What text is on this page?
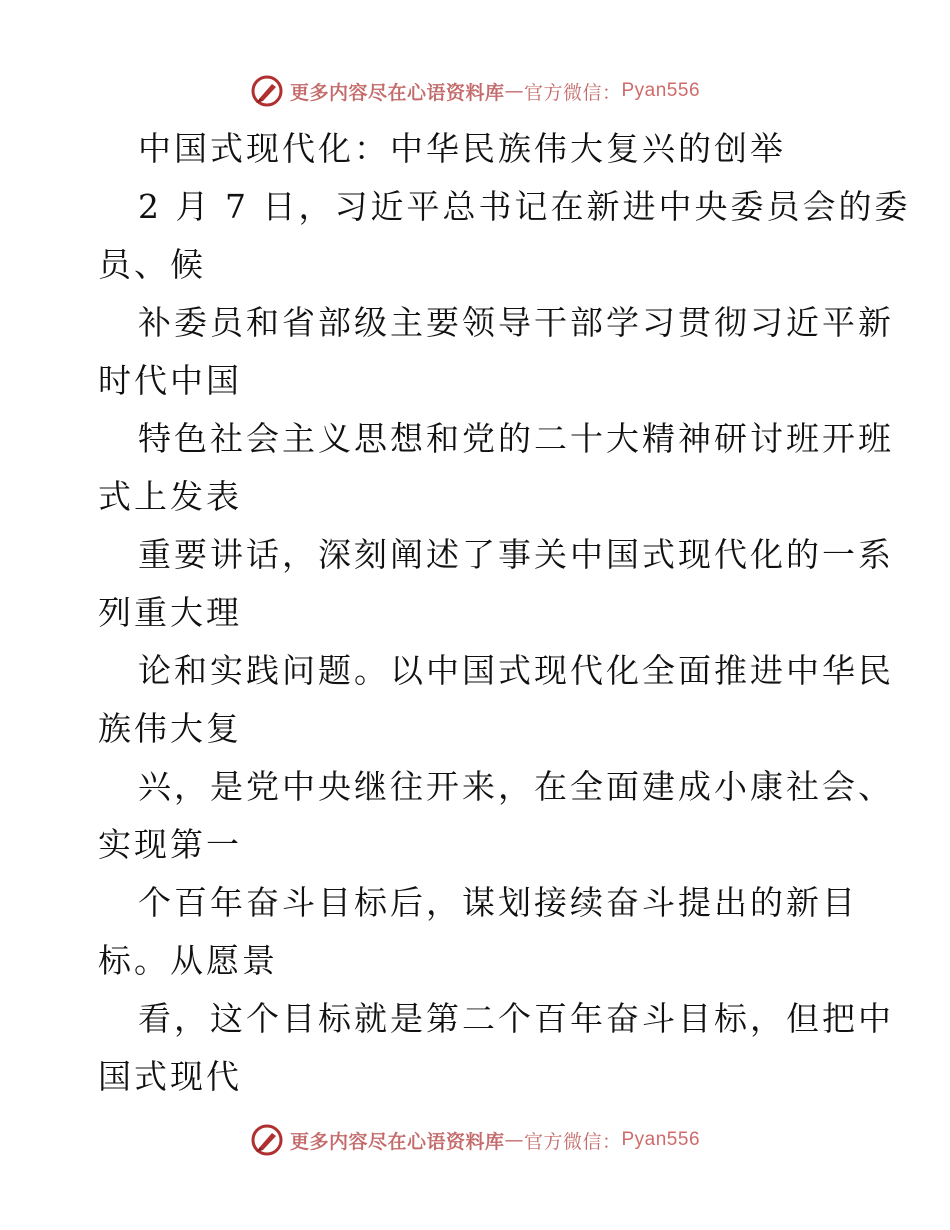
更多内容尽在心语资料库 — 官方微信： Pyan556
中国式现代化：中华民族伟大复兴的创举
2 月 7 日，习近平总书记在新进中央委员会的委
员、候
补委员和省部级主要领导干部学习贯彻习近平新
时代中国
特色社会主义思想和党的二十大精神研讨班开班
式上发表
重要讲话，深刻阐述了事关中国式现代化的一系
列重大理
论和实践问题。以中国式现代化全面推进中华民
族伟大复
兴，是党中央继往开来，在全面建成小康社会、
实现第一
个百年奋斗目标后，谋划接续奋斗提出的新目
标。从愿景
看，这个目标就是第二个百年奋斗目标，但把中
国式现代
更多内容尽在心语资料库 — 官方微信： Pyan556
